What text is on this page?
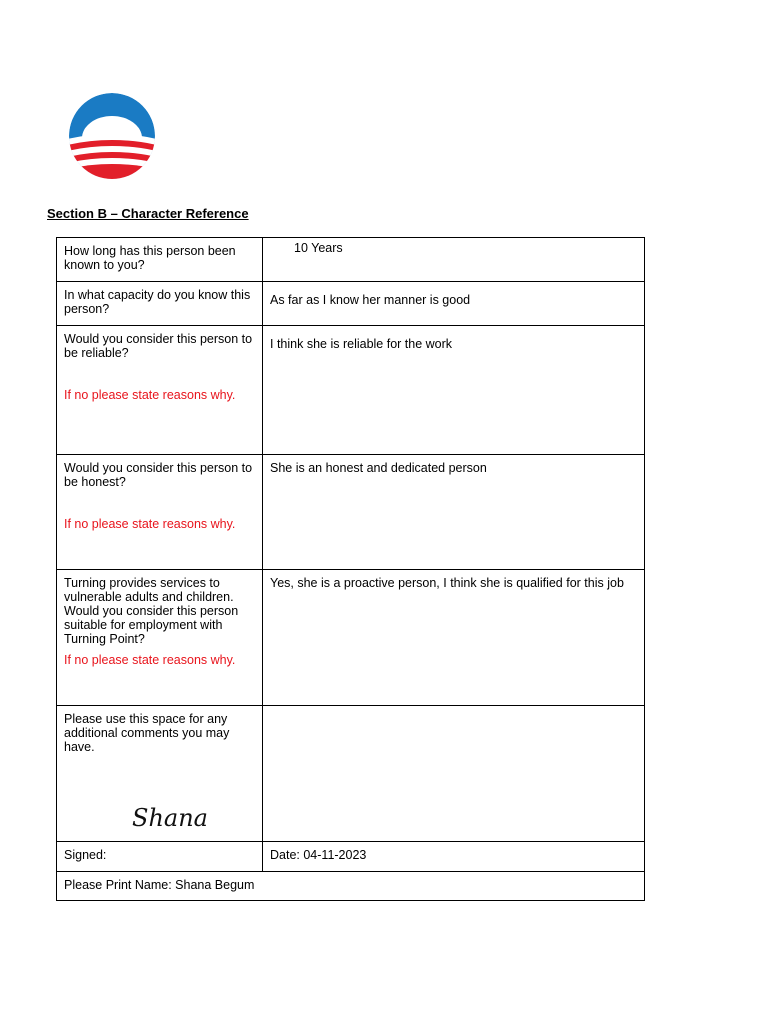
Section B – Character Reference

How long has this person been known to you?	10 Years

In what capacity do you know this person?	As far as I know her manner is good

Would you consider this person to be reliable?
If no please state reasons why.	I think she is reliable for the work

Would you consider this person to be honest?
If no please state reasons why.	She is an honest and dedicated person

Turning provides services to vulnerable adults and children. Would you consider this person suitable for employment with Turning Point?
If no please state reasons why.	Yes, she is a proactive person, I think she is qualified for this job

Please use this space for any additional comments you may have.
Shana	

Signed:	Date: 04-11-2023
Please Print Name: Shana Begum	
